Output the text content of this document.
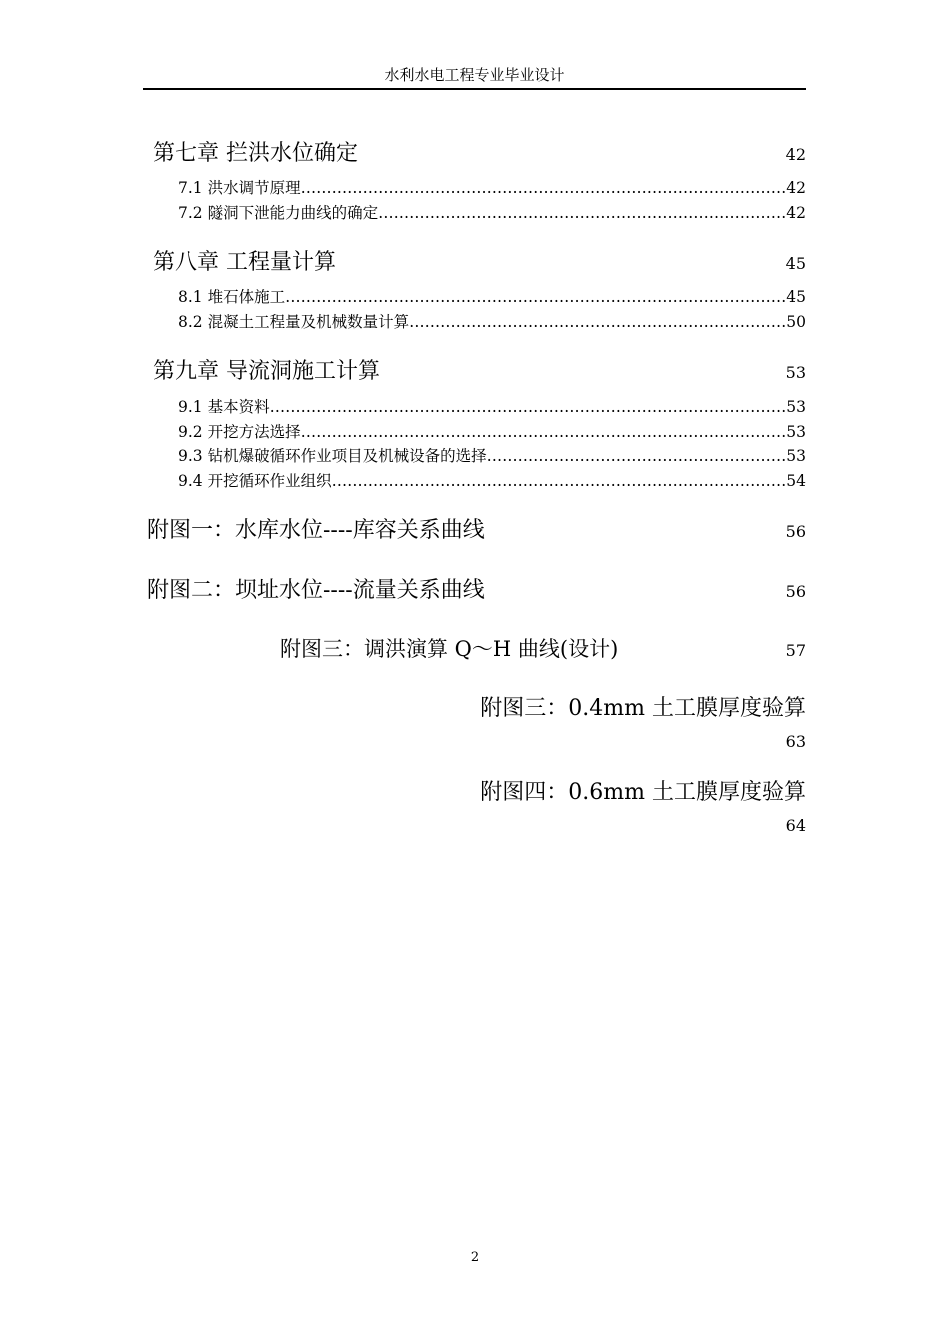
水利水电工程专业毕业设计
第七章 拦洪水位确定	42
7.1 洪水调节原理 …………………………………………………………………………………………………………………………………………………………………………………………………………	42
7.2 隧洞下泄能力曲线的确定 …………………………………………………………………………………………………………………………………………………………………………………………………………	42
第八章 工程量计算	45
8.1 堆石体施工 …………………………………………………………………………………………………………………………………………………………………………………………………………	45
8.2 混凝土工程量及机械数量计算 …………………………………………………………………………………………………………………………………………………………………………………………………………	50
第九章 导流洞施工计算	53
9.1 基本资料 …………………………………………………………………………………………………………………………………………………………………………………………………………	53
9.2 开挖方法选择 …………………………………………………………………………………………………………………………………………………………………………………………………………	53
9.3 钻机爆破循环作业项目及机械设备的选择 …………………………………………………………………………………………………………………………………………………………………………………………………………	53
9.4 开挖循环作业组织 …………………………………………………………………………………………………………………………………………………………………………………………………………	54
附图一：水库水位----库容关系曲线	56
附图二：坝址水位----流量关系曲线	56
附图三：调洪演算 Q～H 曲线(设计)	57
附图三：0.4mm 土工膜厚度验算
63
附图四：0.6mm 土工膜厚度验算
64
2
